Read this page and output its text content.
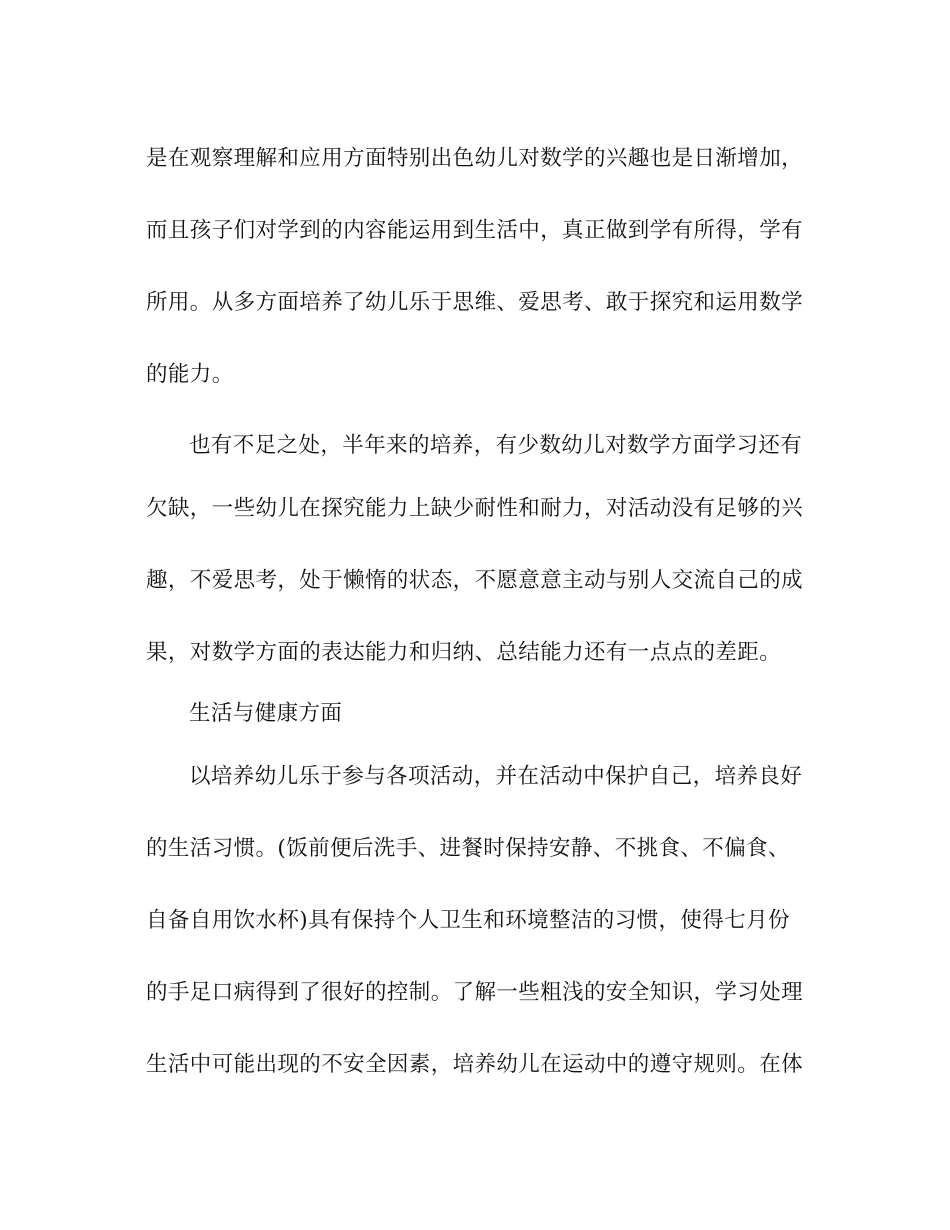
是在观察理解和应用方面特别出色幼儿对数学的兴趣也是日渐增加，
而且孩子们对学到的内容能运用到生活中，真正做到学有所得，学有
所用。从多方面培养了幼儿乐于思维、爱思考、敢于探究和运用数学
的能力。
也有不足之处，半年来的培养，有少数幼儿对数学方面学习还有
欠缺，一些幼儿在探究能力上缺少耐性和耐力，对活动没有足够的兴
趣，不爱思考，处于懒惰的状态，不愿意意主动与别人交流自己的成
果，对数学方面的表达能力和归纳、总结能力还有一点点的差距。
生活与健康方面
以培养幼儿乐于参与各项活动，并在活动中保护自己，培养良好
的生活习惯。(饭前便后洗手、进餐时保持安静、不挑食、不偏食、
自备自用饮水杯)具有保持个人卫生和环境整洁的习惯，使得七月份
的手足口病得到了很好的控制。了解一些粗浅的安全知识，学习处理
生活中可能出现的不安全因素，培养幼儿在运动中的遵守规则。在体
